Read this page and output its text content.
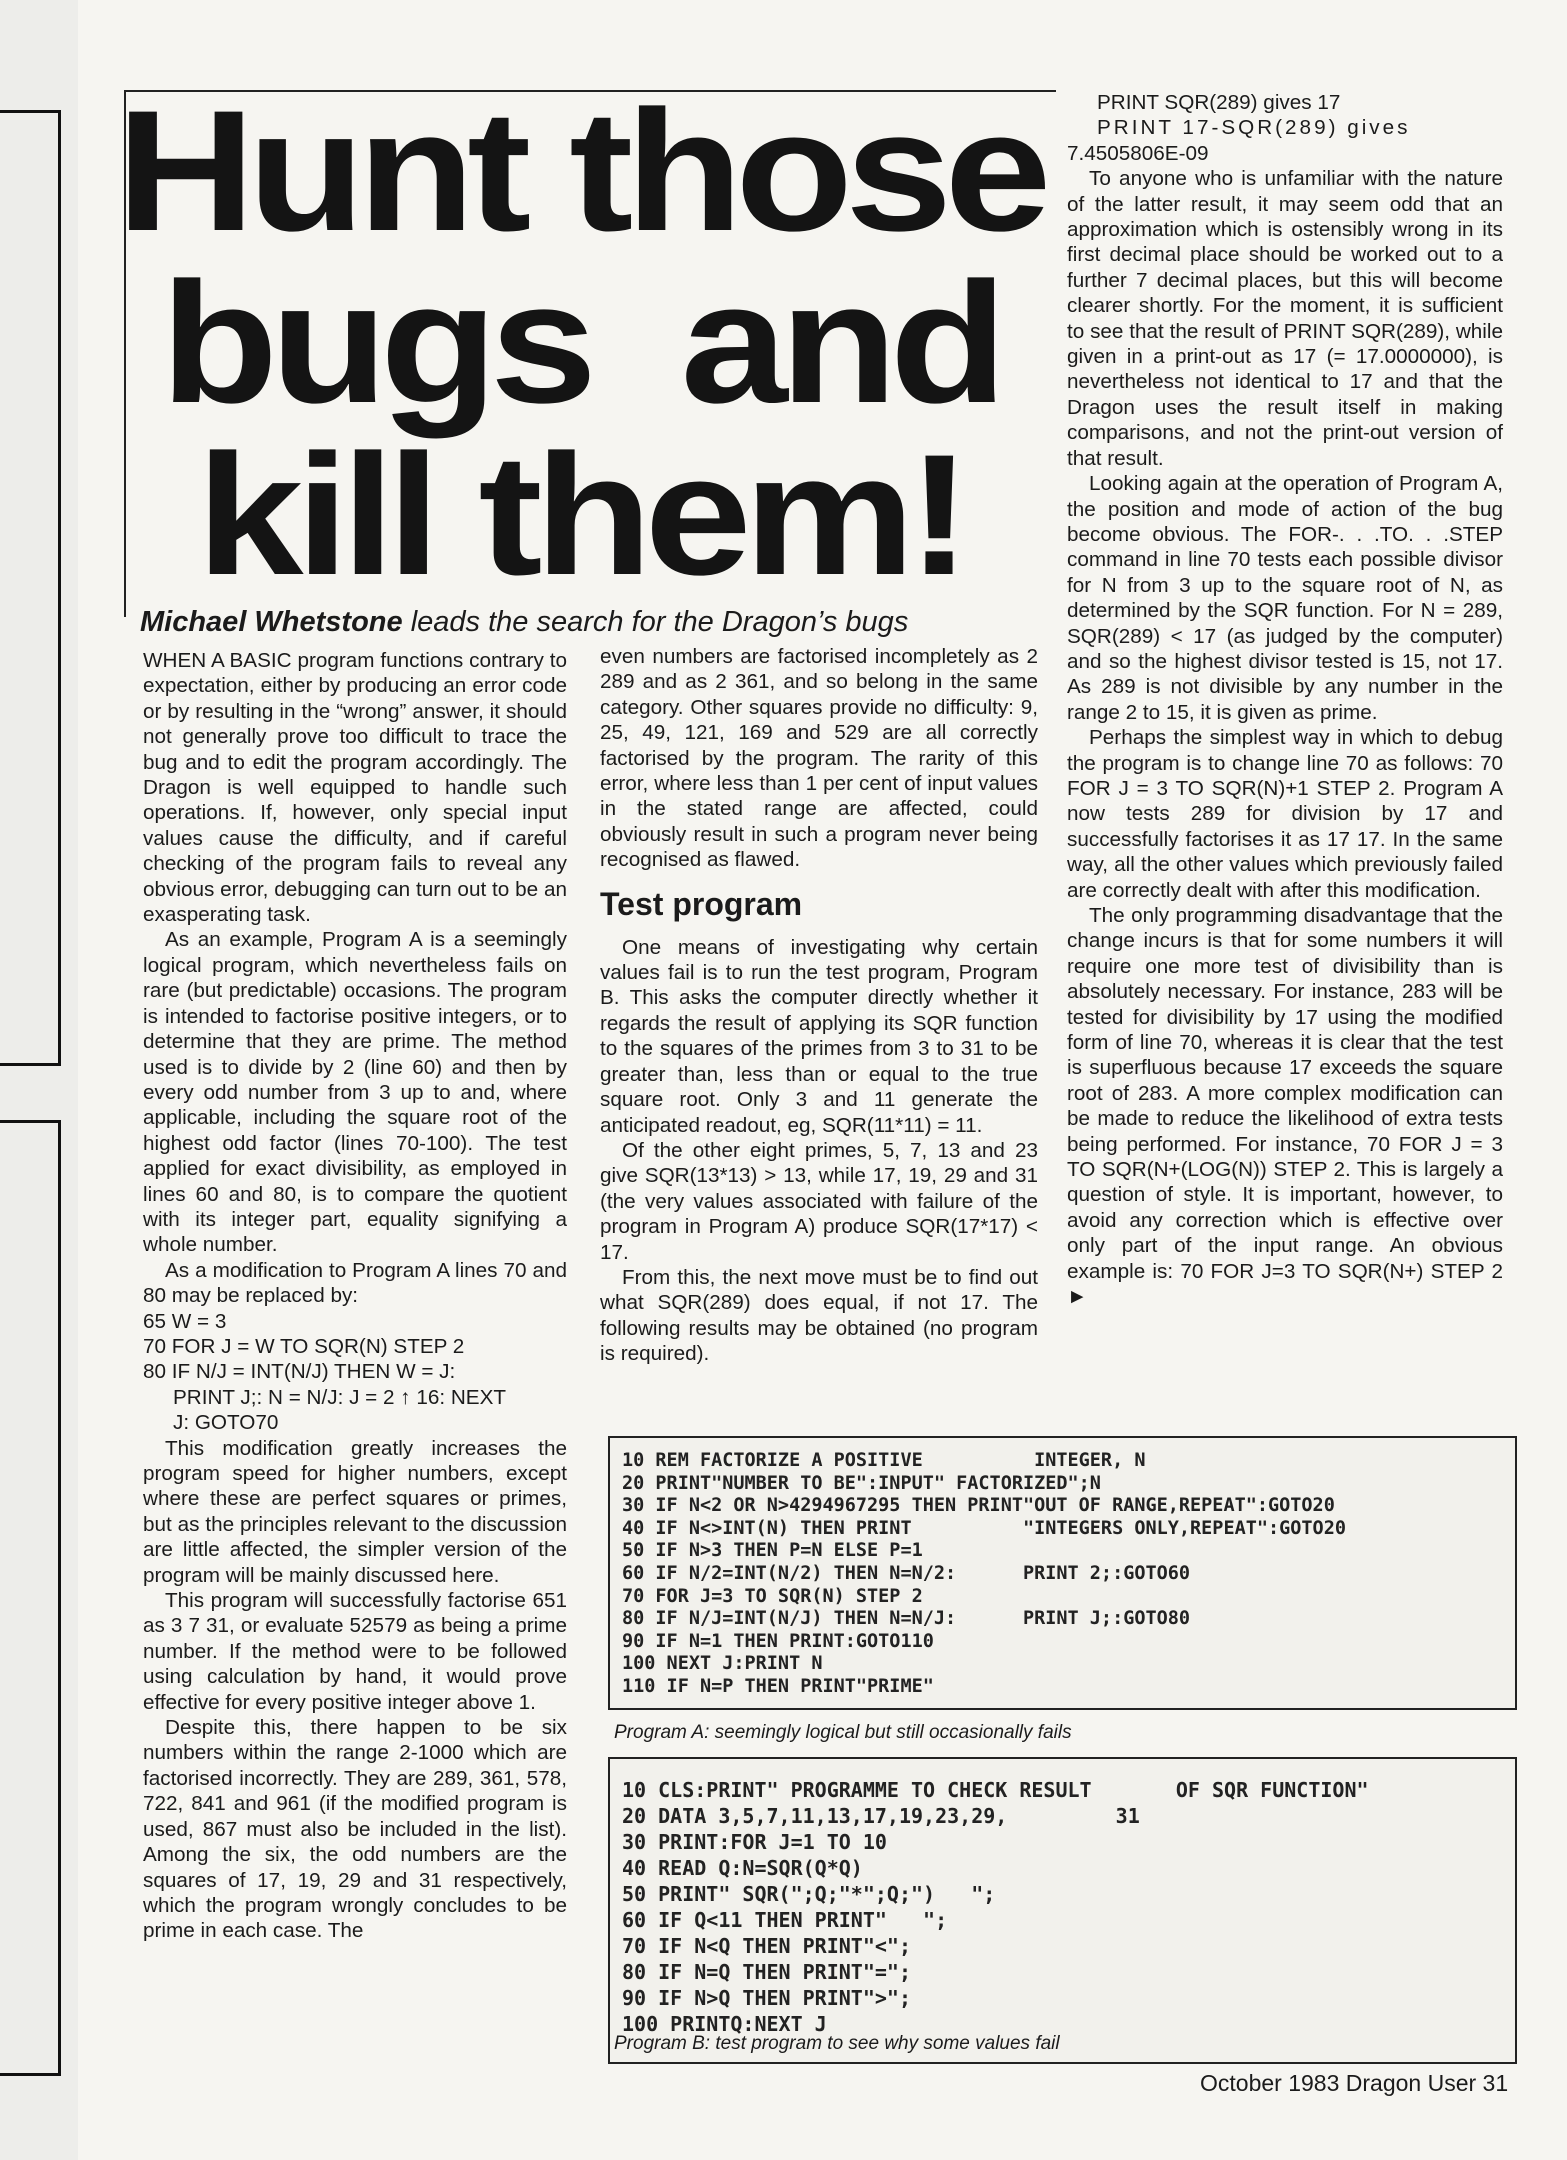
Hunt those
bugs  and
kill them!

Michael Whetstone leads the search for the Dragon’s bugs

WHEN A BASIC program functions contrary to expectation, either by producing an error code or by resulting in the “wrong” answer, it should not generally prove too difficult to trace the bug and to edit the program accordingly. The Dragon is well equipped to handle such operations. If, however, only special input values cause the difficulty, and if careful checking of the program fails to reveal any obvious error, debugging can turn out to be an exasperating task.

As an example, Program A is a seemingly logical program, which nevertheless fails on rare (but predictable) occasions. The program is intended to factorise positive integers, or to determine that they are prime. The method used is to divide by 2 (line 60) and then by every odd number from 3 up to and, where applicable, including the square root of the highest odd factor (lines 70-100). The test applied for exact divisibility, as employed in lines 60 and 80, is to compare the quotient with its integer part, equality signifying a whole number.

As a modification to Program A lines 70 and 80 may be replaced by:

65 W = 3
70 FOR J = W TO SQR(N) STEP 2
80 IF N/J = INT(N/J) THEN W = J:
PRINT J;: N = N/J: J = 2 ↑ 16: NEXT
J: GOTO70

This modification greatly increases the program speed for higher numbers, except where these are perfect squares or primes, but as the principles relevant to the discussion are little affected, the simpler version of the program will be mainly discussed here.

This program will successfully factorise 651 as 3 7 31, or evaluate 52579 as being a prime number. If the method were to be followed using calculation by hand, it would prove effective for every positive integer above 1.

Despite this, there happen to be six numbers within the range 2-1000 which are factorised incorrectly. They are 289, 361, 578, 722, 841 and 961 (if the modified program is used, 867 must also be included in the list). Among the six, the odd numbers are the squares of 17, 19, 29 and 31 respectively, which the program wrongly concludes to be prime in each case. The

even numbers are factorised incompletely as 2 289 and as 2 361, and so belong in the same category. Other squares provide no difficulty: 9, 25, 49, 121, 169 and 529 are all correctly factorised by the program. The rarity of this error, where less than 1 per cent of input values in the stated range are affected, could obviously result in such a program never being recognised as flawed.

Test program

One means of investigating why certain values fail is to run the test program, Program B. This asks the computer directly whether it regards the result of applying its SQR function to the squares of the primes from 3 to 31 to be greater than, less than or equal to the true square root. Only 3 and 11 generate the anticipated readout, eg, SQR(11*11) = 11.

Of the other eight primes, 5, 7, 13 and 23 give SQR(13*13) > 13, while 17, 19, 29 and 31 (the very values associated with failure of the program in Program A) produce SQR(17*17) < 17.

From this, the next move must be to find out what SQR(289) does equal, if not 17. The following results may be obtained (no program is required).

PRINT SQR(289) gives 17
PRINT 17-SQR(289) gives
7.4505806E-09

To anyone who is unfamiliar with the nature of the latter result, it may seem odd that an approximation which is ostensibly wrong in its first decimal place should be worked out to a further 7 decimal places, but this will become clearer shortly. For the moment, it is sufficient to see that the result of PRINT SQR(289), while given in a print-out as 17 (= 17.0000000), is nevertheless not identical to 17 and that the Dragon uses the result itself in making comparisons, and not the print-out version of that result.

Looking again at the operation of Program A, the position and mode of action of the bug become obvious. The FOR-. . .TO. . .STEP command in line 70 tests each possible divisor for N from 3 up to the square root of N, as determined by the SQR function. For N = 289, SQR(289) < 17 (as judged by the computer) and so the highest divisor tested is 15, not 17. As 289 is not divisible by any number in the range 2 to 15, it is given as prime.

Perhaps the simplest way in which to debug the program is to change line 70 as follows: 70 FOR J = 3 TO SQR(N)+1 STEP 2. Program A now tests 289 for division by 17 and successfully factorises it as 17 17. In the same way, all the other values which previously failed are correctly dealt with after this modification.

The only programming disadvantage that the change incurs is that for some numbers it will require one more test of divisibility than is absolutely necessary. For instance, 283 will be tested for divisibility by 17 using the modified form of line 70, whereas it is clear that the test is superfluous because 17 exceeds the square root of 283. A more complex modification can be made to reduce the likelihood of extra tests being performed. For instance, 70 FOR J = 3 TO SQR(N+(LOG(N)) STEP 2. This is largely a question of style. It is important, however, to avoid any correction which is effective over only part of the input range. An obvious example is: 70 FOR J=3 TO SQR(N+) STEP 2 ►

10 REM FACTORIZE A POSITIVE          INTEGER, N
20 PRINT"NUMBER TO BE":INPUT" FACTORIZED";N
30 IF N<2 OR N>4294967295 THEN PRINT"OUT OF RANGE,REPEAT":GOTO20
40 IF N<>INT(N) THEN PRINT          "INTEGERS ONLY,REPEAT":GOTO20
50 IF N>3 THEN P=N ELSE P=1
60 IF N/2=INT(N/2) THEN N=N/2:      PRINT 2;:GOTO60
70 FOR J=3 TO SQR(N) STEP 2
80 IF N/J=INT(N/J) THEN N=N/J:      PRINT J;:GOTO80
90 IF N=1 THEN PRINT:GOTO110
100 NEXT J:PRINT N
110 IF N=P THEN PRINT"PRIME"
Program A: seemingly logical but still occasionally fails
10 CLS:PRINT" PROGRAMME TO CHECK RESULT       OF SQR FUNCTION"
20 DATA 3,5,7,11,13,17,19,23,29,         31
30 PRINT:FOR J=1 TO 10
40 READ Q:N=SQR(Q*Q)
50 PRINT" SQR(";Q;"*";Q;")   ";
60 IF Q<11 THEN PRINT"   ";
70 IF N<Q THEN PRINT"<";
80 IF N=Q THEN PRINT"=";
90 IF N>Q THEN PRINT">";
100 PRINTQ:NEXT J
Program B: test program to see why some values fail
October 1983 Dragon User 31
